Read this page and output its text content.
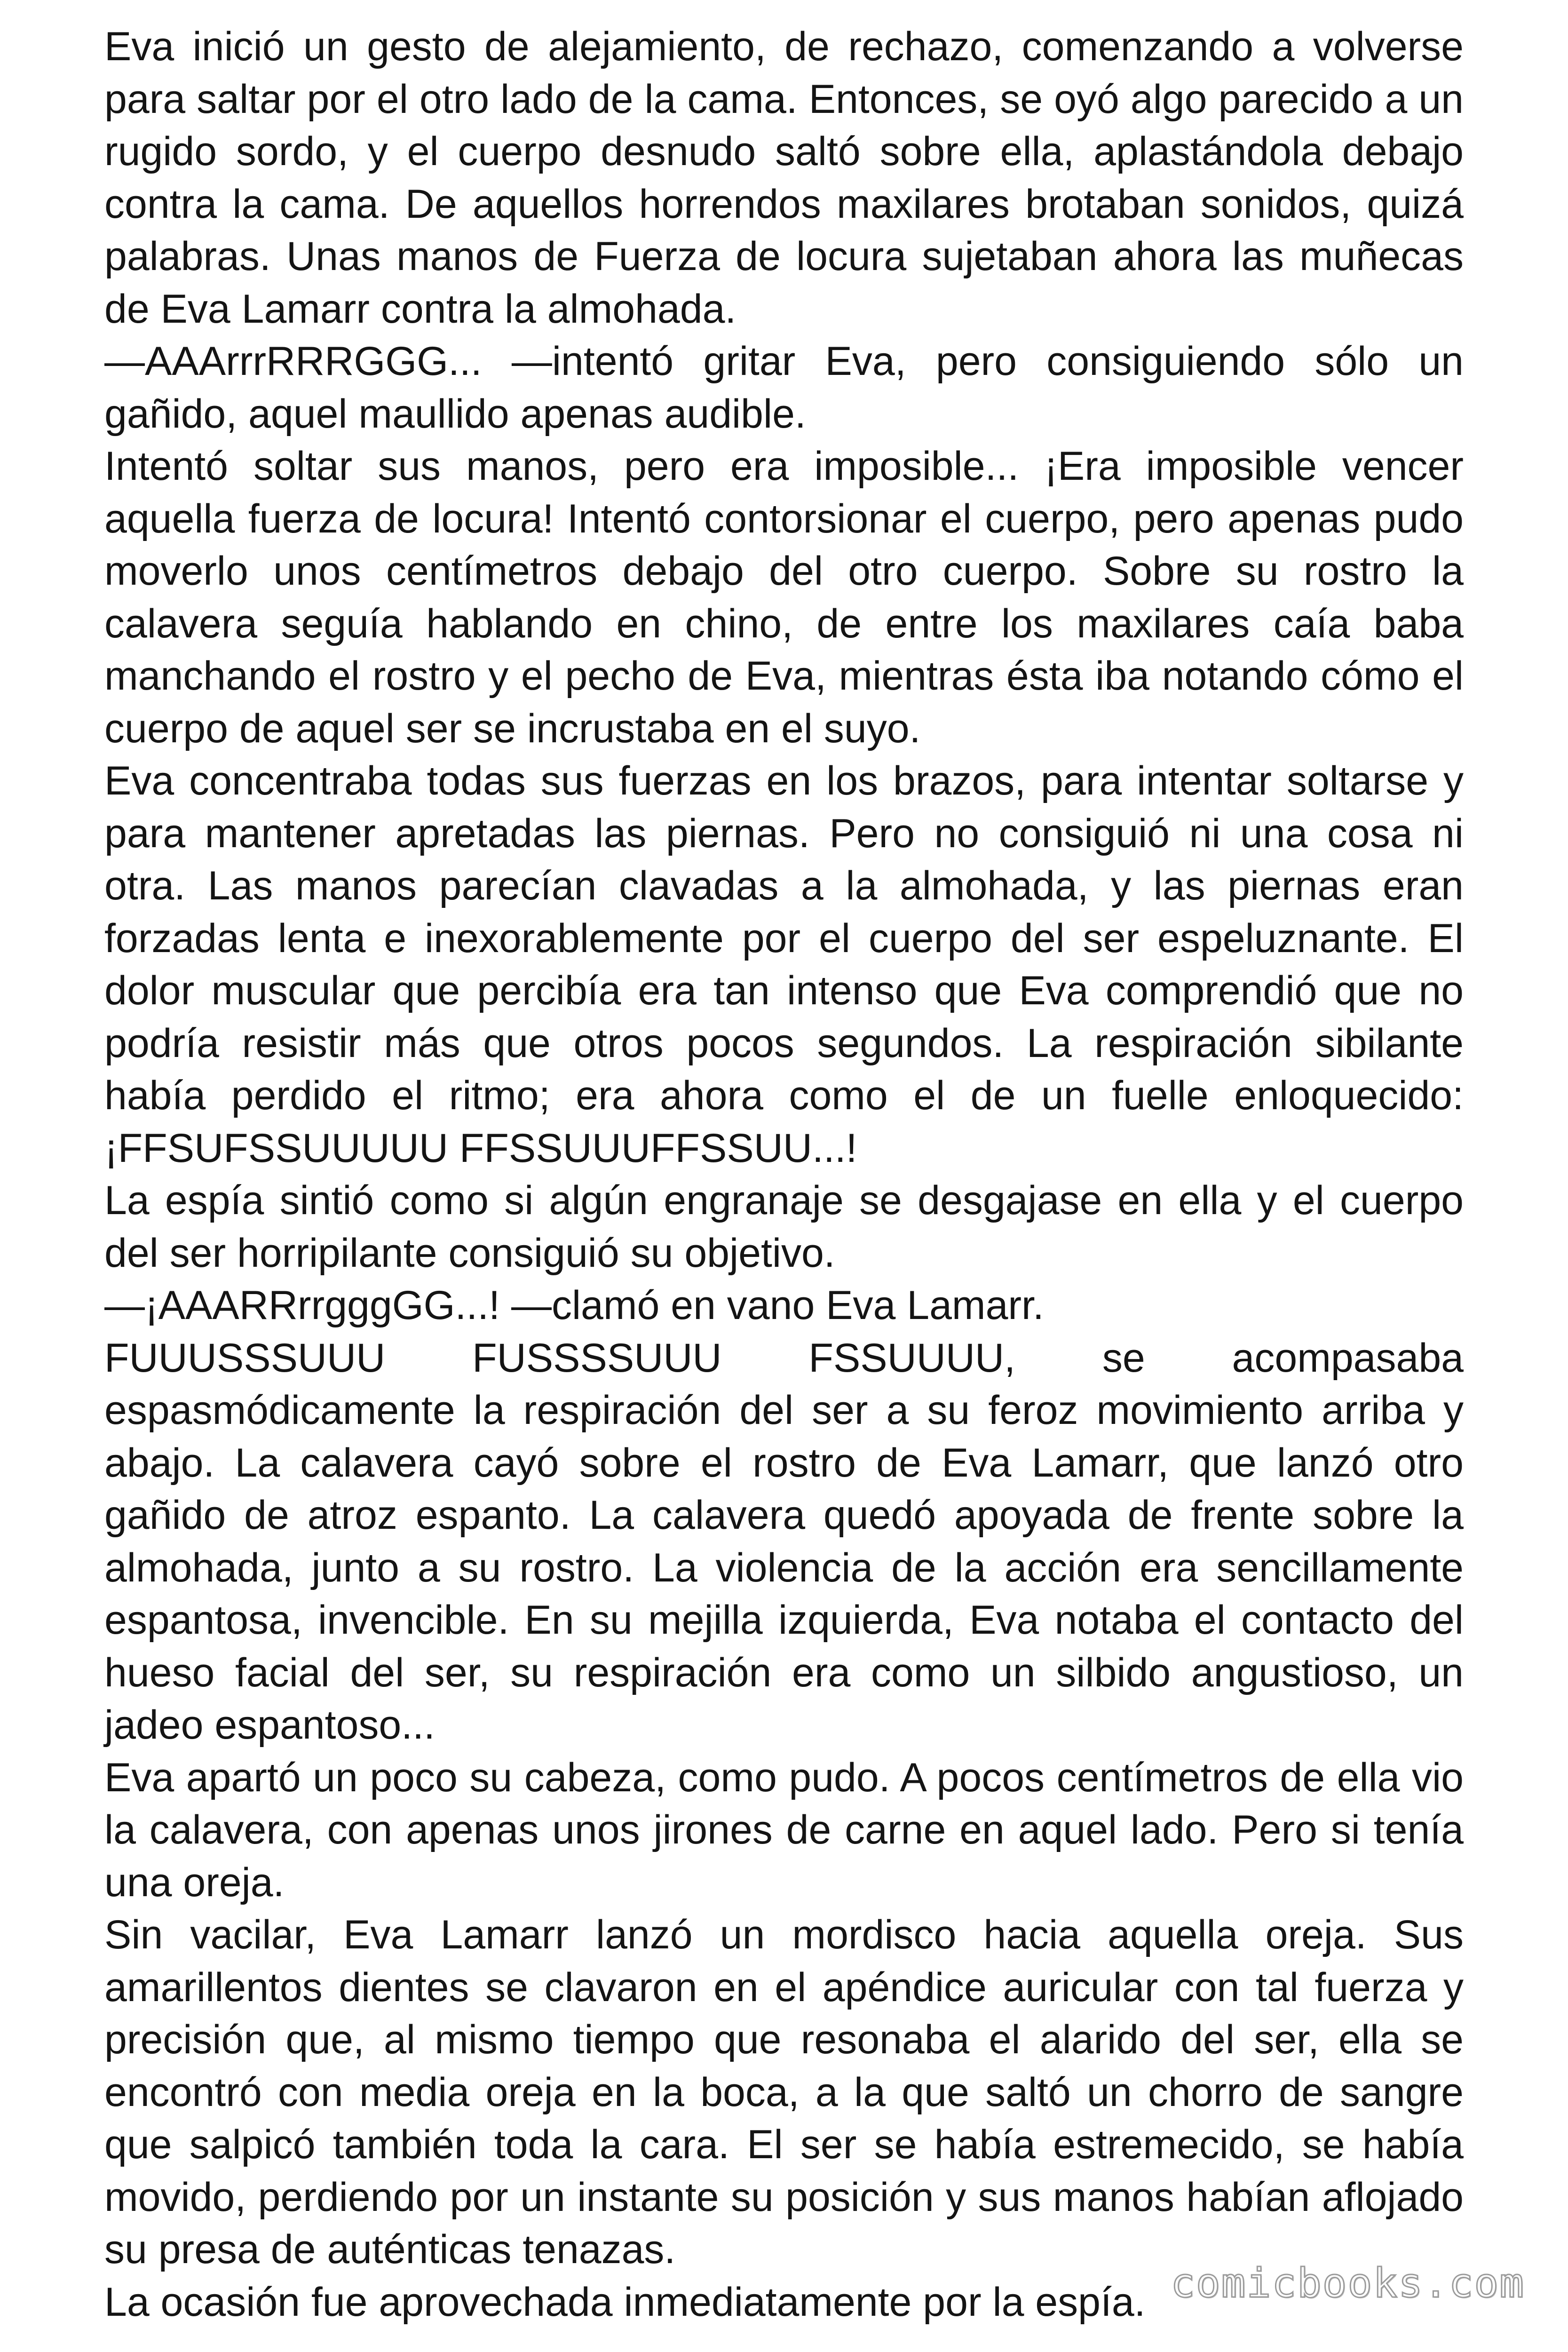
Eva inició un gesto de alejamiento, de rechazo, comenzando a volverse para saltar por el otro lado de la cama. Entonces, se oyó algo parecido a un rugido sordo, y el cuerpo desnudo saltó sobre ella, aplastándola debajo contra la cama. De aquellos horrendos maxilares brotaban sonidos, quizá palabras. Unas manos de Fuerza de locura sujetaban ahora las muñecas de Eva Lamarr contra la almohada.

—AAArrrRRRGGG... —intentó gritar Eva, pero consiguiendo sólo un gañido, aquel maullido apenas audible.

Intentó soltar sus manos, pero era imposible... ¡Era imposible vencer aquella fuerza de locura! Intentó contorsionar el cuerpo, pero apenas pudo moverlo unos centímetros debajo del otro cuerpo. Sobre su rostro la calavera seguía hablando en chino, de entre los maxilares caía baba manchando el rostro y el pecho de Eva, mientras ésta iba notando cómo el cuerpo de aquel ser se incrustaba en el suyo.

Eva concentraba todas sus fuerzas en los brazos, para intentar soltarse y para mantener apretadas las piernas. Pero no consiguió ni una cosa ni otra. Las manos parecían clavadas a la almohada, y las piernas eran forzadas lenta e inexorablemente por el cuerpo del ser espeluznante. El dolor muscular que percibía era tan intenso que Eva comprendió que no podría resistir más que otros pocos segundos. La respiración sibilante había perdido el ritmo; era ahora como el de un fuelle enloquecido: ¡FFSUFSSUUUUU FFSSUUUFFSSUU...!

La espía sintió como si algún engranaje se desgajase en ella y el cuerpo del ser horripilante consiguió su objetivo.

—¡AAARRrrgggGG...! —clamó en vano Eva Lamarr.

FUUUSSSUUU FUSSSSUUU FSSUUUU, se acompasaba espasmódicamente la respiración del ser a su feroz movimiento arriba y abajo. La calavera cayó sobre el rostro de Eva Lamarr, que lanzó otro gañido de atroz espanto. La calavera quedó apoyada de frente sobre la almohada, junto a su rostro. La violencia de la acción era sencillamente espantosa, invencible. En su mejilla izquierda, Eva notaba el contacto del hueso facial del ser, su respiración era como un silbido angustioso, un jadeo espantoso...

Eva apartó un poco su cabeza, como pudo. A pocos centímetros de ella vio la calavera, con apenas unos jirones de carne en aquel lado. Pero si tenía una oreja.

Sin vacilar, Eva Lamarr lanzó un mordisco hacia aquella oreja. Sus amarillentos dientes se clavaron en el apéndice auricular con tal fuerza y precisión que, al mismo tiempo que resonaba el alarido del ser, ella se encontró con media oreja en la boca, a la que saltó un chorro de sangre que salpicó también toda la cara. El ser se había estremecido, se había movido, perdiendo por un instante su posición y sus manos habían aflojado su presa de auténticas tenazas.

La ocasión fue aprovechada inmediatamente por la espía. comicbooks.com
